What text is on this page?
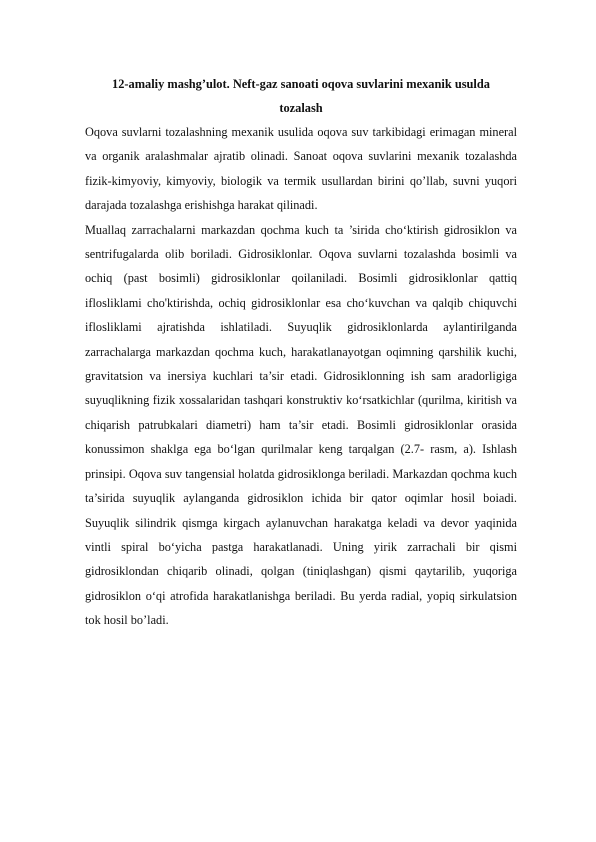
12-amaliy mashg’ulot. Neft-gaz sanoati oqova suvlarini mexanik usulda tozalash

Oqova suvlarni tozalashning mexanik usulida oqova suv tarkibidagi erimagan mineral va organik aralashmalar ajratib olinadi. Sanoat oqova suvlarini mexanik tozalashda fizik-kimyoviy, kimyoviy, biologik va termik usullardan birini qo’llab, suvni yuqori darajada tozalashga erishishga harakat qilinadi.

Muallaq zarrachalarni markazdan qochma kuch ta ’sirida cho‘ktirish gidrosiklon va sentrifugalarda olib boriladi. Gidrosiklonlar. Oqova suvlarni tozalashda bosimli va ochiq (past bosimli) gidrosiklonlar qoilaniladi. Bosimli gidrosiklonlar qattiq iflosliklami cho'ktirishda, ochiq gidrosiklonlar esa cho‘kuvchan va qalqib chiquvchi iflosliklami ajratishda ishlatiladi. Suyuqlik gidrosiklonlarda aylantirilganda zarrachalarga markazdan qochma kuch, harakatlanayotgan oqimning qarshilik kuchi, gravitatsion va inersiya kuchlari ta’sir etadi. Gidrosiklonning ish sam aradorligiga suyuqlikning fizik xossalaridan tashqari konstruktiv ko‘rsatkichlar (qurilma, kiritish va chiqarish patrubkalari diametri) ham ta’sir etadi. Bosimli gidrosiklonlar orasida konussimon shaklga ega bo‘lgan qurilmalar keng tarqalgan (2.7- rasm, a). Ishlash prinsipi. Oqova suv tangensial holatda gidrosiklonga beriladi. Markazdan qochma kuch ta’sirida suyuqlik aylanganda gidrosiklon ichida bir qator oqimlar hosil boiadi. Suyuqlik silindrik qismga kirgach aylanuvchan harakatga keladi va devor yaqinida vintli spiral bo‘yicha pastga harakatlanadi. Uning yirik zarrachali bir qismi gidrosiklondan chiqarib olinadi, qolgan (tiniqlashgan) qismi qaytarilib, yuqoriga gidrosiklon o‘qi atrofida harakatlanishga beriladi. Bu yerda radial, yopiq sirkulatsion tok hosil bo’ladi.
